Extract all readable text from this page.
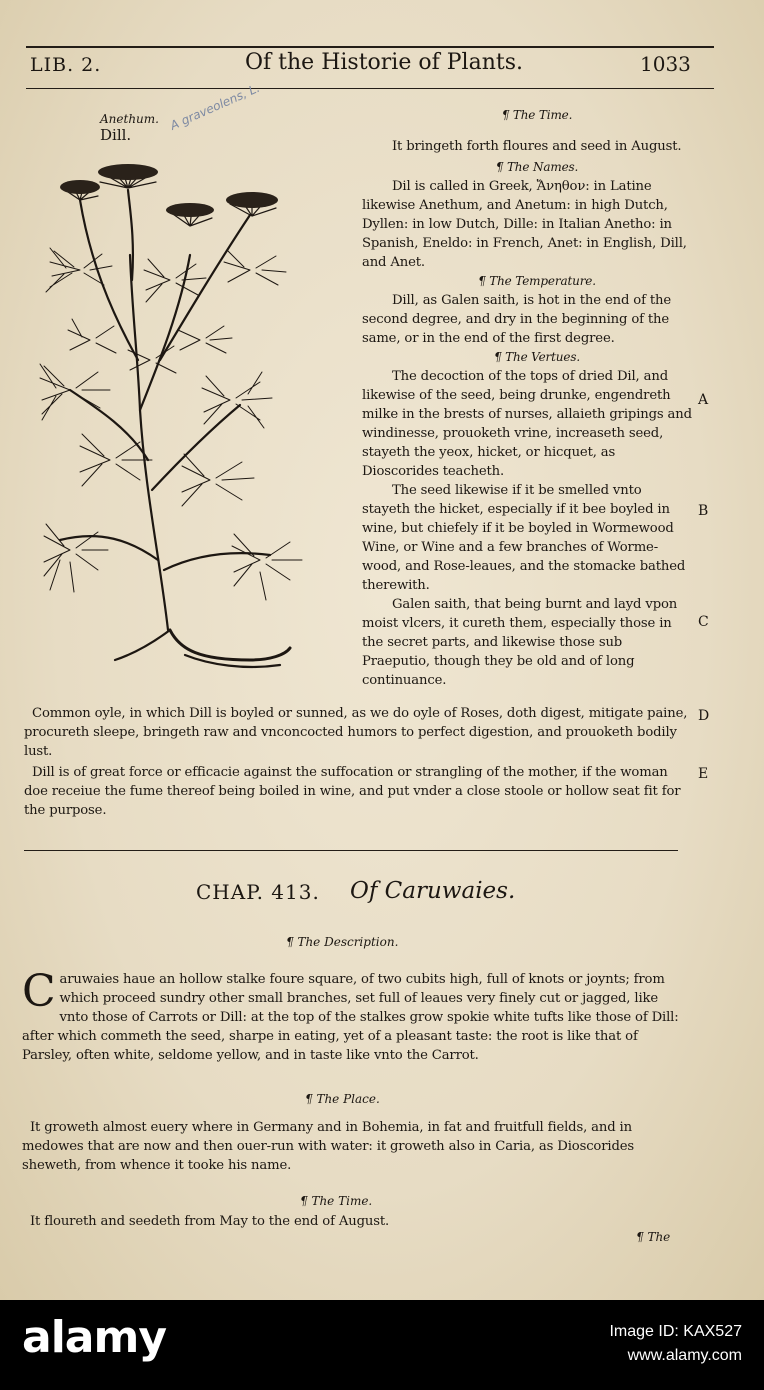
LIB. 2.	Of the Historie of Plants.	1033
Anethum.
Dill.
A graveolens, L.	¶ The Time.

It bringeth forth floures and seed in August.

¶ The Names.

Dil is called in Greek, Ἄνηθον: in Latine likewise Anethum, and Anetum: in high Dutch, Dyllen: in low Dutch, Dille: in Italian Anetho: in Spanish, Eneldo: in French, Anet: in English, Dill, and Anet.

¶ The Temperature.

Dill, as Galen saith, is hot in the end of the second degree, and dry in the beginning of the same, or in the end of the first degree.

¶ The Vertues.

The decoction of the tops of dried Dil, and likewise of the seed, being drunke, engendreth milke in the brests of nurses, allaieth gripings and windinesse, prouoketh vrine, increaseth seed, stayeth the yeox, hicket, or hicquet, as Dioscorides teacheth.

The seed likewise if it be smelled vnto stayeth the hicket, especially if it bee boyled in wine, but chiefely if it be boyled in Wormewood Wine, or Wine and a few branches of Worme-wood, and Rose-leaues, and the stomacke bathed therewith.

Galen saith, that being burnt and layd vpon moist vlcers, it cureth them, especially those in the secret parts, and likewise those sub Praeputio, though they be old and of long continuance.

A
B
C
D
E

Common oyle, in which Dill is boyled or sunned, as we do oyle of Roses, doth digest, mitigate paine, procureth sleepe, bringeth raw and vnconcocted humors to perfect digestion, and prouoketh bodily lust.

Dill is of great force or efficacie against the suffocation or strangling of the mother, if the woman doe receiue the fume thereof being boiled in wine, and put vnder a close stoole or hollow seat fit for the purpose.

CHAP. 413. Of Caruwaies.
¶ The Description.
C aruwaies haue an hollow stalke foure square, of two cubits high, full of knots or joynts; from which proceed sundry other small branches, set full of leaues very finely cut or jagged, like vnto those of Carrots or Dill: at the top of the stalkes grow spokie white tufts like those of Dill: after which commeth the seed, sharpe in eating, yet of a pleasant taste: the root is like that of Parsley, often white, seldome yellow, and in taste like vnto the Carrot.
¶ The Place.
It groweth almost euery where in Germany and in Bohemia, in fat and fruitfull fields, and in medowes that are now and then ouer-run with water: it groweth also in Caria, as Dioscorides sheweth, from whence it tooke his name.
¶ The Time.
It floureth and seedeth from May to the end of August.
¶ The
alamy	Image ID: KAX527
www.alamy.com
